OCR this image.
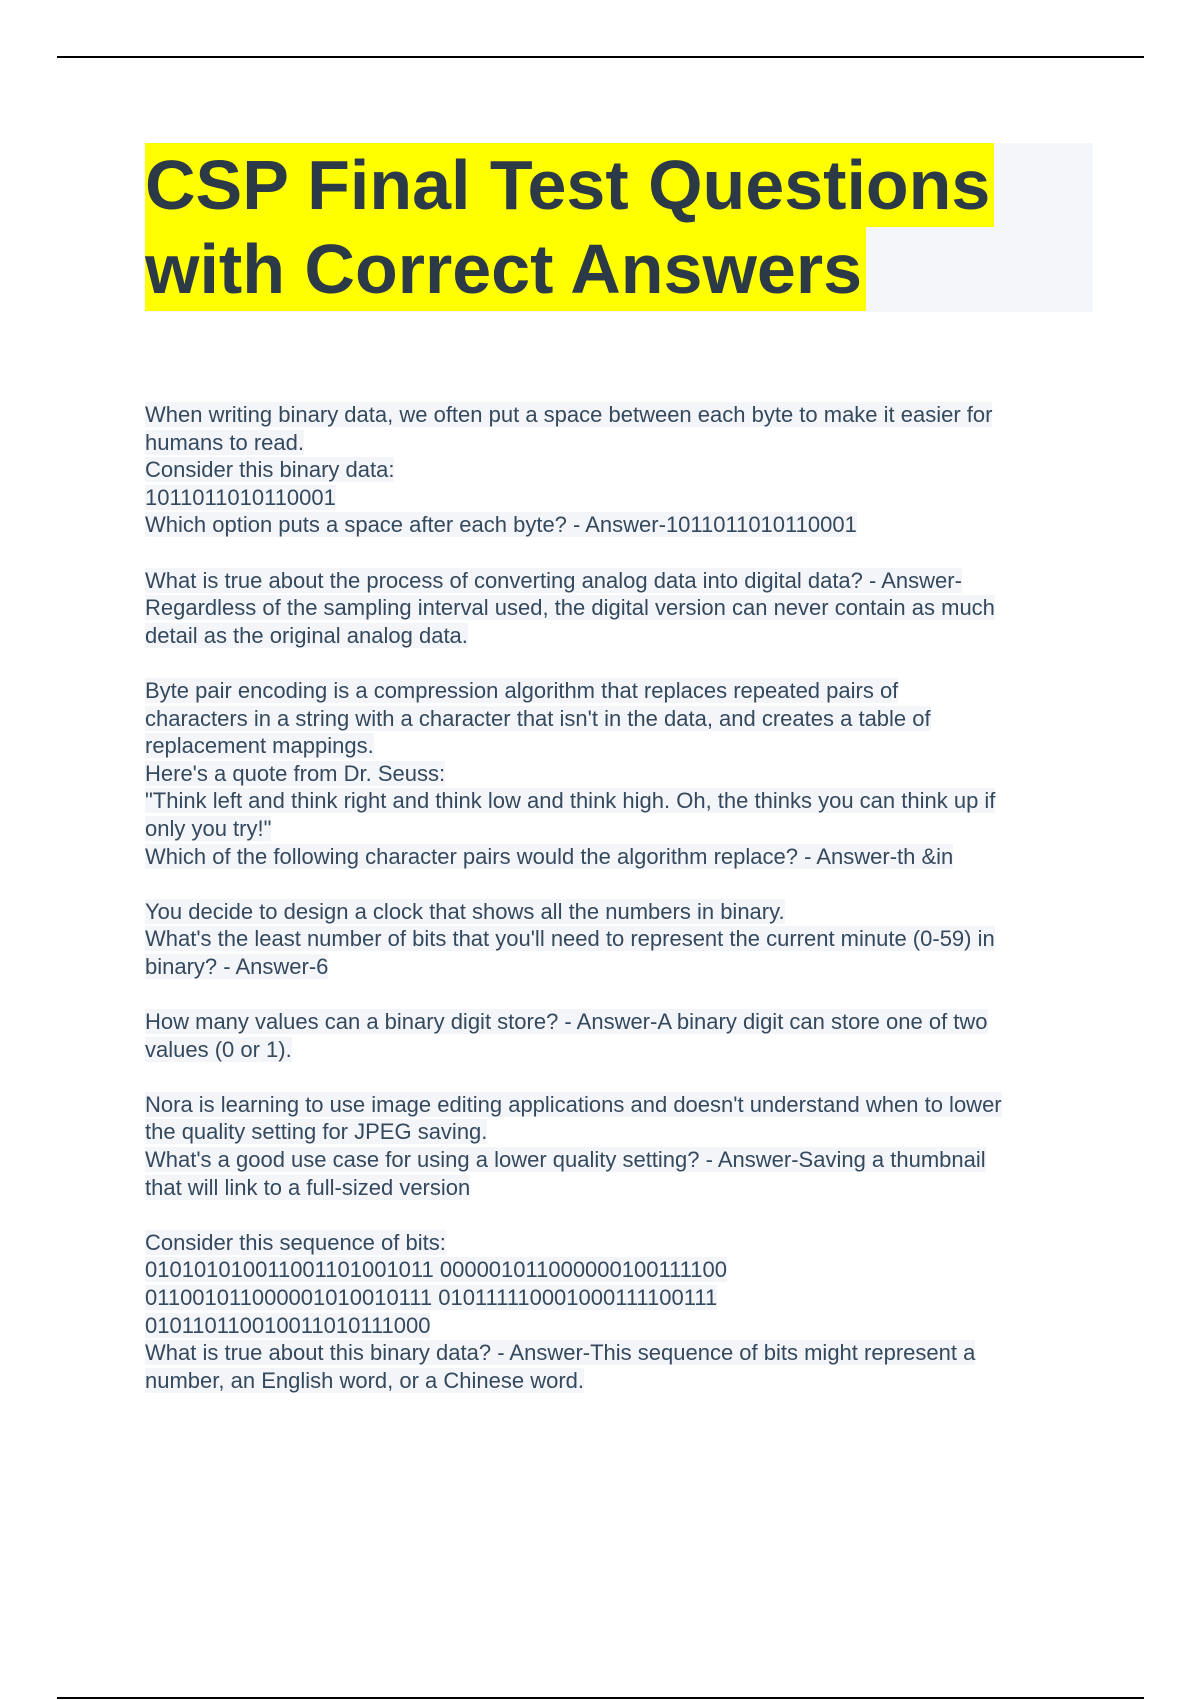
CSP Final Test Questions
with Correct Answers
When writing binary data, we often put a space between each byte to make it easier for
humans to read.
Consider this binary data:
1011011010110001
Which option puts a space after each byte? - Answer-1011011010110001
What is true about the process of converting analog data into digital data? - Answer-
Regardless of the sampling interval used, the digital version can never contain as much
detail as the original analog data.
Byte pair encoding is a compression algorithm that replaces repeated pairs of
characters in a string with a character that isn't in the data, and creates a table of
replacement mappings.
Here's a quote from Dr. Seuss:
"Think left and think right and think low and think high. Oh, the thinks you can think up if
only you try!"
Which of the following character pairs would the algorithm replace? - Answer-th &in
You decide to design a clock that shows all the numbers in binary.
What's the least number of bits that you'll need to represent the current minute (0-59) in
binary? - Answer-6
How many values can a binary digit store? - Answer-A binary digit can store one of two
values (0 or 1).
Nora is learning to use image editing applications and doesn't understand when to lower
the quality setting for JPEG saving.
What's a good use case for using a lower quality setting? - Answer-Saving a thumbnail
that will link to a full-sized version
Consider this sequence of bits:
010101010011001101001011 000001011000000100111100
011001011000001010010111 010111110001000111100111
010110110010011010111000
What is true about this binary data? - Answer-This sequence of bits might represent a
number, an English word, or a Chinese word.
